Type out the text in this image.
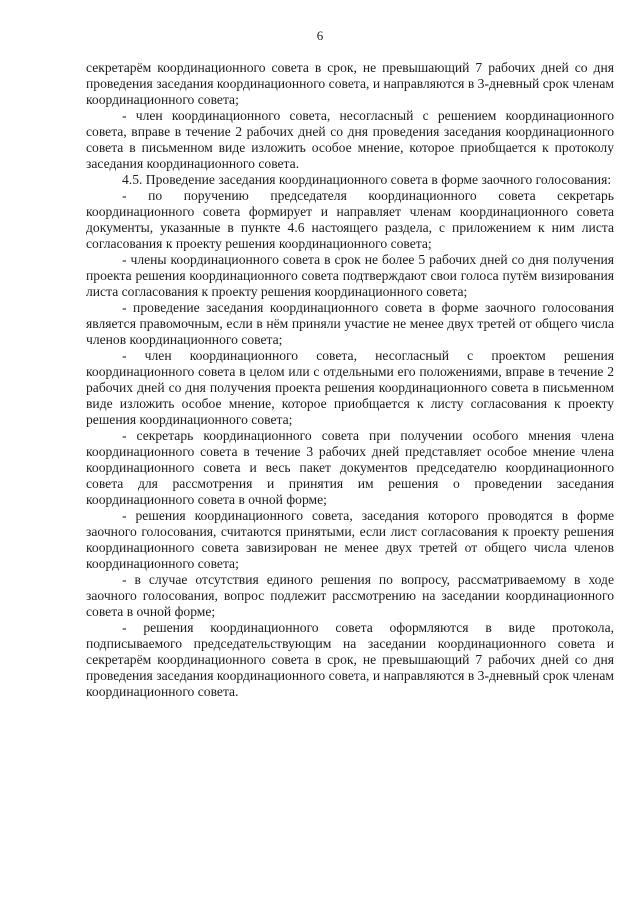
6

секретарём координационного совета в срок, не превышающий 7 рабочих дней со дня проведения заседания координационного совета, и направляются в 3-дневный срок членам координационного совета;

- член координационного совета, несогласный с решением координационного совета, вправе в течение 2 рабочих дней со дня проведения заседания координационного совета в письменном виде изложить особое мнение, которое приобщается к протоколу заседания координационного совета.

4.5. Проведение заседания координационного совета в форме заочного голосования:

- по поручению председателя координационного совета секретарь координационного совета формирует и направляет членам координационного совета документы, указанные в пункте 4.6 настоящего раздела, с приложением к ним листа согласования к проекту решения координационного совета;

- члены координационного совета в срок не более 5 рабочих дней со дня получения проекта решения координационного совета подтверждают свои голоса путём визирования листа согласования к проекту решения координационного совета;

- проведение заседания координационного совета в форме заочного голосования является правомочным, если в нём приняли участие не менее двух третей от общего числа членов координационного совета;

- член координационного совета, несогласный с проектом решения координационного совета в целом или с отдельными его положениями, вправе в течение 2 рабочих дней со дня получения проекта решения координационного совета в письменном виде изложить особое мнение, которое приобщается к листу согласования к проекту решения координационного совета;

- секретарь координационного совета при получении особого мнения члена координационного совета в течение 3 рабочих дней представляет особое мнение члена координационного совета и весь пакет документов председателю координационного совета для рассмотрения и принятия им решения о проведении заседания координационного совета в очной форме;

- решения координационного совета, заседания которого проводятся в форме заочного голосования, считаются принятыми, если лист согласования к проекту решения координационного совета завизирован не менее двух третей от общего числа членов координационного совета;

- в случае отсутствия единого решения по вопросу, рассматриваемому в ходе заочного голосования, вопрос подлежит рассмотрению на заседании координационного совета в очной форме;

- решения координационного совета оформляются в виде протокола, подписываемого председательствующим на заседании координационного совета и секретарём координационного совета в срок, не превышающий 7 рабочих дней со дня проведения заседания координационного совета, и направляются в 3-дневный срок членам координационного совета.
